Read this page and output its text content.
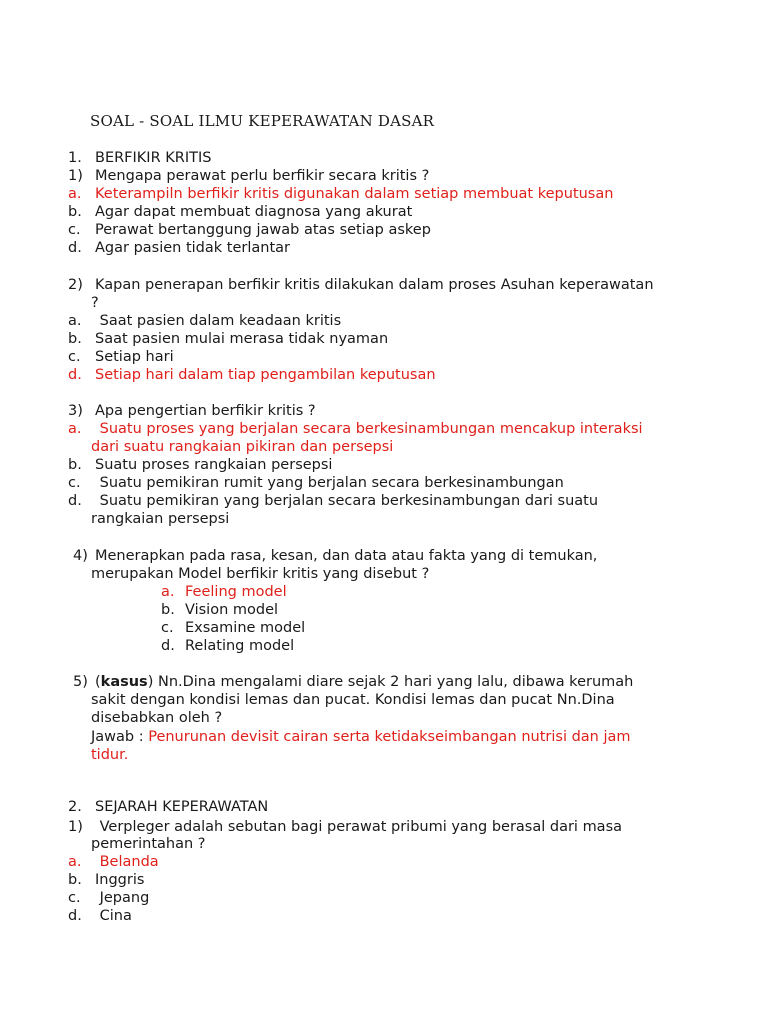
SOAL - SOAL ILMU KEPERAWATAN DASAR
1. BERFIKIR KRITIS
1) Mengapa perawat perlu berfikir secara kritis ?
a. Keterampiln berfikir kritis digunakan dalam setiap membuat keputusan
b. Agar dapat membuat diagnosa yang akurat
c. Perawat bertanggung jawab atas setiap askep
d. Agar pasien tidak terlantar
2) Kapan penerapan berfikir kritis dilakukan dalam proses Asuhan keperawatan
?
a. Saat pasien dalam keadaan kritis
b. Saat pasien mulai merasa tidak nyaman
c. Setiap hari
d. Setiap hari dalam tiap pengambilan keputusan
3) Apa pengertian berfikir kritis ?
a. Suatu proses yang berjalan secara berkesinambungan mencakup interaksi
dari suatu rangkaian pikiran dan persepsi
b. Suatu proses rangkaian persepsi
c. Suatu pemikiran rumit yang berjalan secara berkesinambungan
d. Suatu pemikiran yang berjalan secara berkesinambungan dari suatu
rangkaian persepsi
4) Menerapkan pada rasa, kesan, dan data atau fakta yang di temukan,
merupakan Model berfikir kritis yang disebut ?
a. Feeling model
b. Vision model
c. Exsamine model
d. Relating model
5) (kasus) Nn.Dina mengalami diare sejak 2 hari yang lalu, dibawa kerumah
sakit dengan kondisi lemas dan pucat. Kondisi lemas dan pucat Nn.Dina
disebabkan oleh ?
Jawab : Penurunan devisit cairan serta ketidakseimbangan nutrisi dan jam
tidur.
2. SEJARAH KEPERAWATAN
1) Verpleger adalah sebutan bagi perawat pribumi yang berasal dari masa
pemerintahan ?
a. Belanda
b. Inggris
c. Jepang
d. Cina
